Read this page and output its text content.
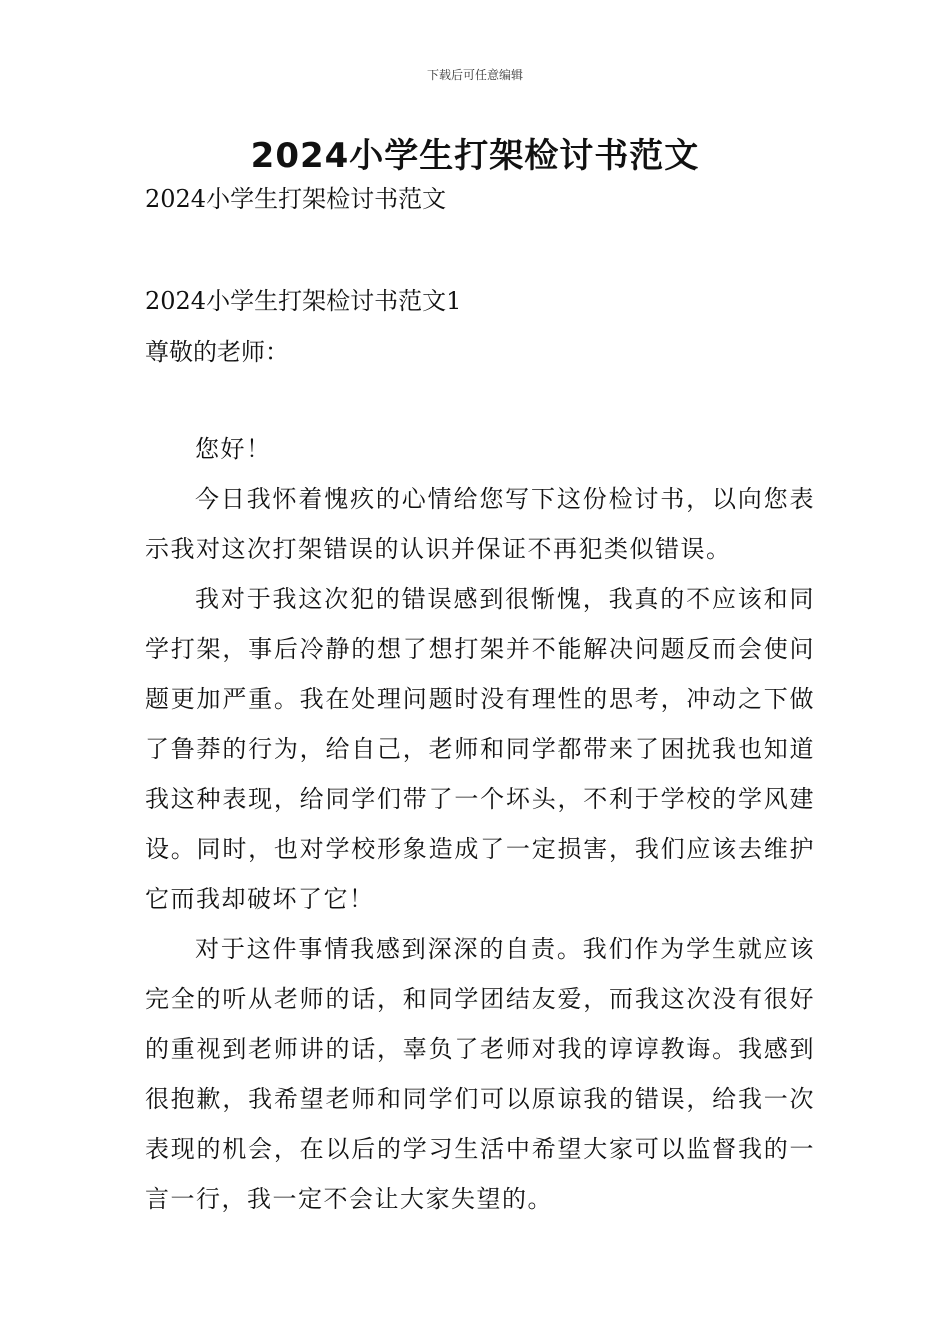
下载后可任意编辑
2024小学生打架检讨书范文
2024小学生打架检讨书范文
2024小学生打架检讨书范文1
尊敬的老师：

您好！

今日我怀着愧疚的心情给您写下这份检讨书，以向您表示我对这次打架错误的认识并保证不再犯类似错误。

我对于我这次犯的错误感到很惭愧，我真的不应该和同学打架，事后冷静的想了想打架并不能解决问题反而会使问题更加严重。我在处理问题时没有理性的思考，冲动之下做了鲁莽的行为，给自己，老师和同学都带来了困扰我也知道我这种表现，给同学们带了一个坏头，不利于学校的学风建设。同时，也对学校形象造成了一定损害，我们应该去维护它而我却破坏了它！

对于这件事情我感到深深的自责。我们作为学生就应该完全的听从老师的话，和同学团结友爱，而我这次没有很好的重视到老师讲的话，辜负了老师对我的谆谆教诲。我感到很抱歉，我希望老师和同学们可以原谅我的错误，给我一次表现的机会，在以后的学习生活中希望大家可以监督我的一言一行，我一定不会让大家失望的。
